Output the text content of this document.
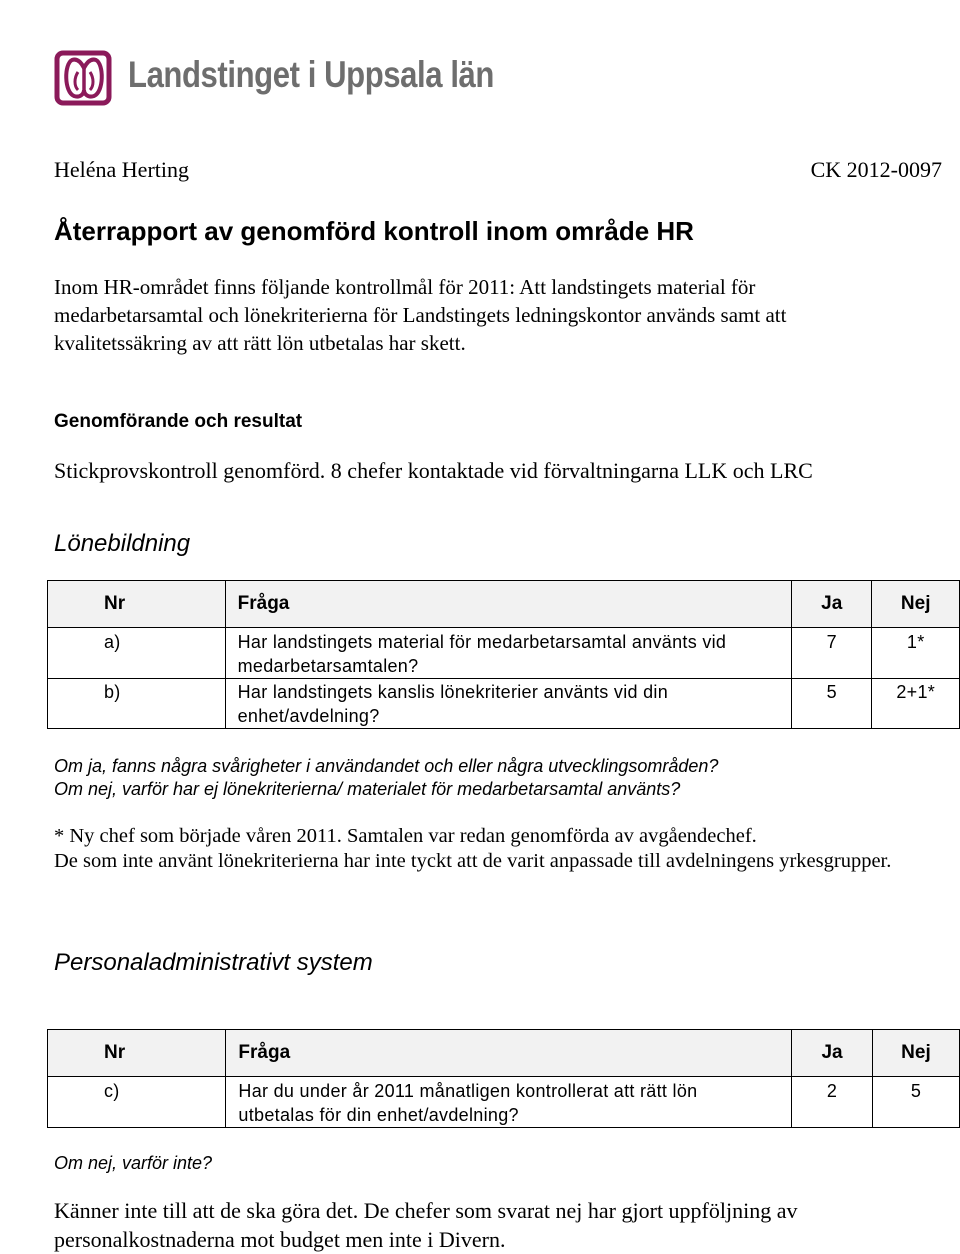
Landstinget i Uppsala län
Heléna Herting	CK 2012-0097
Återrapport av genomförd kontroll inom område HR
Inom HR-området finns följande kontrollmål för 2011: Att landstingets material för
medarbetarsamtal och lönekriterierna för Landstingets ledningskontor används samt att
kvalitetssäkring av att rätt lön utbetalas har skett.
Genomförande och resultat
Stickprovskontroll genomförd. 8 chefer kontaktade vid förvaltningarna LLK och LRC
Lönebildning
Nr	Fråga	Ja	Nej
a)	Har landstingets material för medarbetarsamtal använts vid
medarbetarsamtalen?	7	1*
b)	Har landstingets kanslis lönekriterier använts vid din
enhet/avdelning?	5	2+1*
Om ja, fanns några svårigheter i användandet och eller några utvecklingsområden?
Om nej, varför har ej lönekriterierna/ materialet för medarbetarsamtal använts?
* Ny chef som började våren 2011. Samtalen var redan genomförda av avgåendechef.
De som inte använt lönekriterierna har inte tyckt att de varit anpassade till avdelningens yrkesgrupper.
Personaladministrativt system
Nr	Fråga	Ja	Nej
c)	Har du under år 2011 månatligen kontrollerat att rätt lön
utbetalas för din enhet/avdelning?	2	5
Om nej, varför inte?
Känner inte till att de ska göra det. De chefer som svarat nej har gjort uppföljning av
personalkostnaderna mot budget men inte i Divern.
